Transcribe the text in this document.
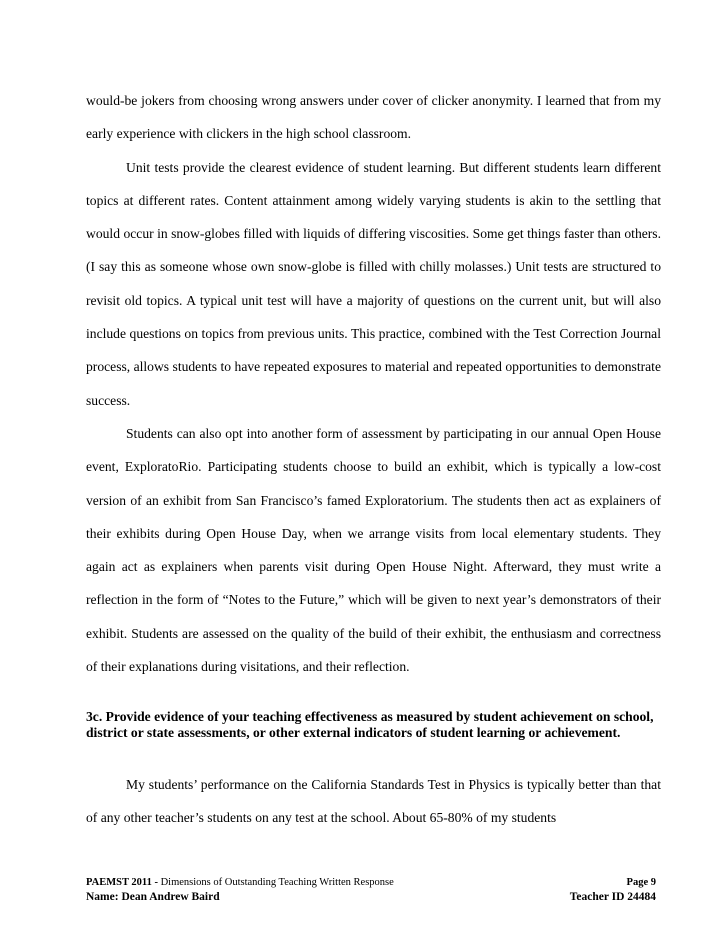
would-be jokers from choosing wrong answers under cover of clicker anonymity. I learned that from my early experience with clickers in the high school classroom.

Unit tests provide the clearest evidence of student learning. But different students learn different topics at different rates. Content attainment among widely varying students is akin to the settling that would occur in snow-globes filled with liquids of differing viscosities. Some get things faster than others. (I say this as someone whose own snow-globe is filled with chilly molasses.) Unit tests are structured to revisit old topics. A typical unit test will have a majority of questions on the current unit, but will also include questions on topics from previous units. This practice, combined with the Test Correction Journal process, allows students to have repeated exposures to material and repeated opportunities to demonstrate success.

Students can also opt into another form of assessment by participating in our annual Open House event, ExploratoRio. Participating students choose to build an exhibit, which is typically a low-cost version of an exhibit from San Francisco’s famed Exploratorium. The students then act as explainers of their exhibits during Open House Day, when we arrange visits from local elementary students. They again act as explainers when parents visit during Open House Night. Afterward, they must write a reflection in the form of “Notes to the Future,” which will be given to next year’s demonstrators of their exhibit. Students are assessed on the quality of the build of their exhibit, the enthusiasm and correctness of their explanations during visitations, and their reflection.

3c. Provide evidence of your teaching effectiveness as measured by student achievement on school, district or state assessments, or other external indicators of student learning or achievement.

My students’ performance on the California Standards Test in Physics is typically better than that of any other teacher’s students on any test at the school. About 65-80% of my students

PAEMST 2011 - Dimensions of Outstanding Teaching Written Response	Page 9
Name: Dean Andrew Baird	Teacher ID 24484
